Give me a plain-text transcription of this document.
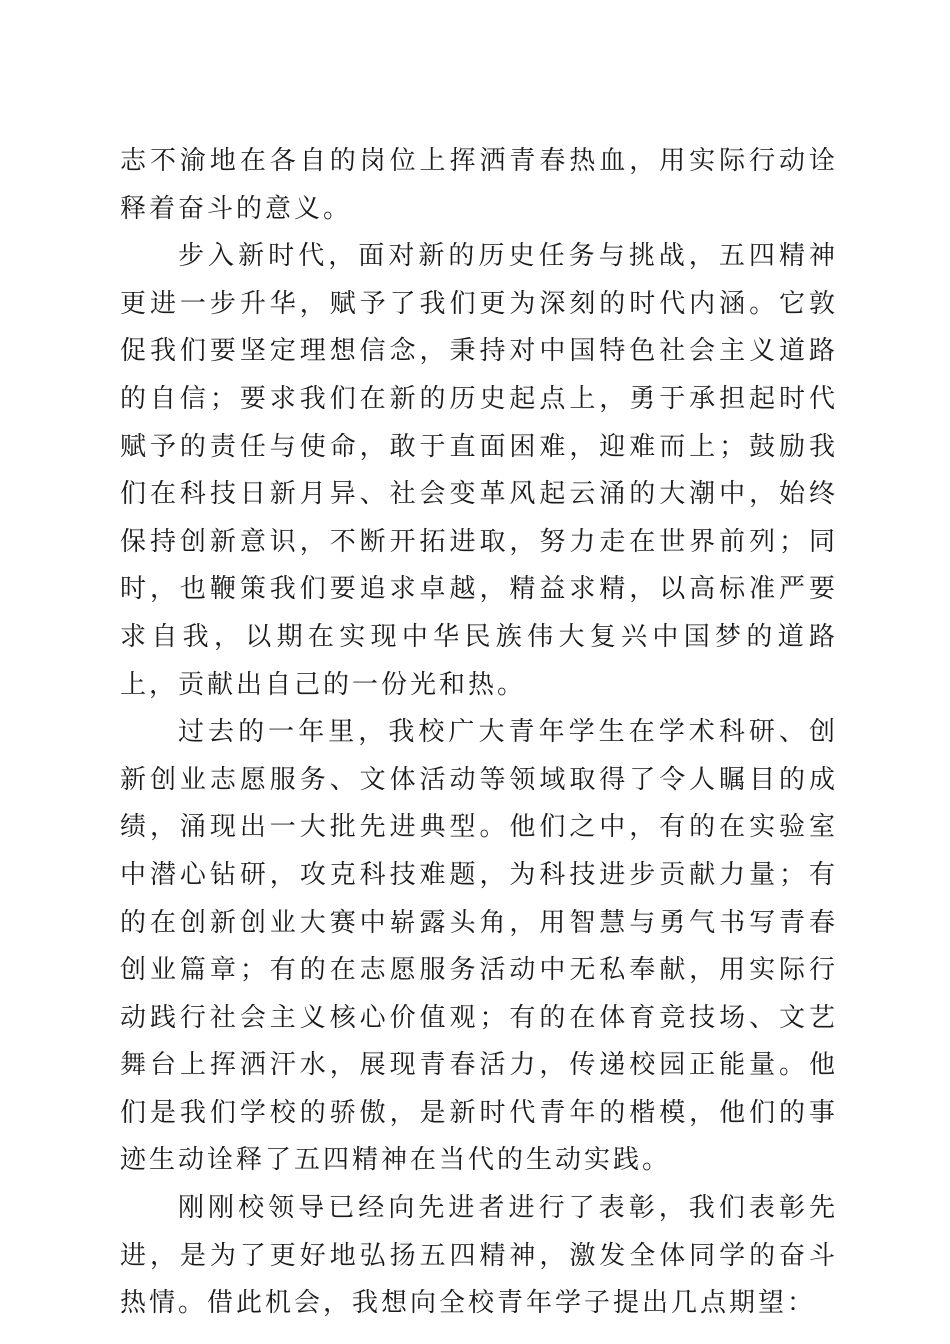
志不渝地在各自的岗位上挥洒青春热血，用实际行动诠释着奋斗的意义。

步入新时代，面对新的历史任务与挑战，五四精神更进一步升华，赋予了我们更为深刻的时代内涵。它敦促我们要坚定理想信念，秉持对中国特色社会主义道路的自信；要求我们在新的历史起点上，勇于承担起时代赋予的责任与使命，敢于直面困难，迎难而上；鼓励我们在科技日新月异、社会变革风起云涌的大潮中，始终保持创新意识，不断开拓进取，努力走在世界前列；同时，也鞭策我们要追求卓越，精益求精，以高标准严要求自我，以期在实现中华民族伟大复兴中国梦的道路上，贡献出自己的一份光和热。

过去的一年里，我校广大青年学生在学术科研、创新创业志愿服务、文体活动等领域取得了令人瞩目的成绩，涌现出一大批先进典型。他们之中，有的在实验室中潜心钻研，攻克科技难题，为科技进步贡献力量；有的在创新创业大赛中崭露头角，用智慧与勇气书写青春创业篇章；有的在志愿服务活动中无私奉献，用实际行动践行社会主义核心价值观；有的在体育竞技场、文艺舞台上挥洒汗水，展现青春活力，传递校园正能量。他们是我们学校的骄傲，是新时代青年的楷模，他们的事迹生动诠释了五四精神在当代的生动实践。

刚刚校领导已经向先进者进行了表彰，我们表彰先进，是为了更好地弘扬五四精神，激发全体同学的奋斗热情。借此机会，我想向全校青年学子提出几点期望：
